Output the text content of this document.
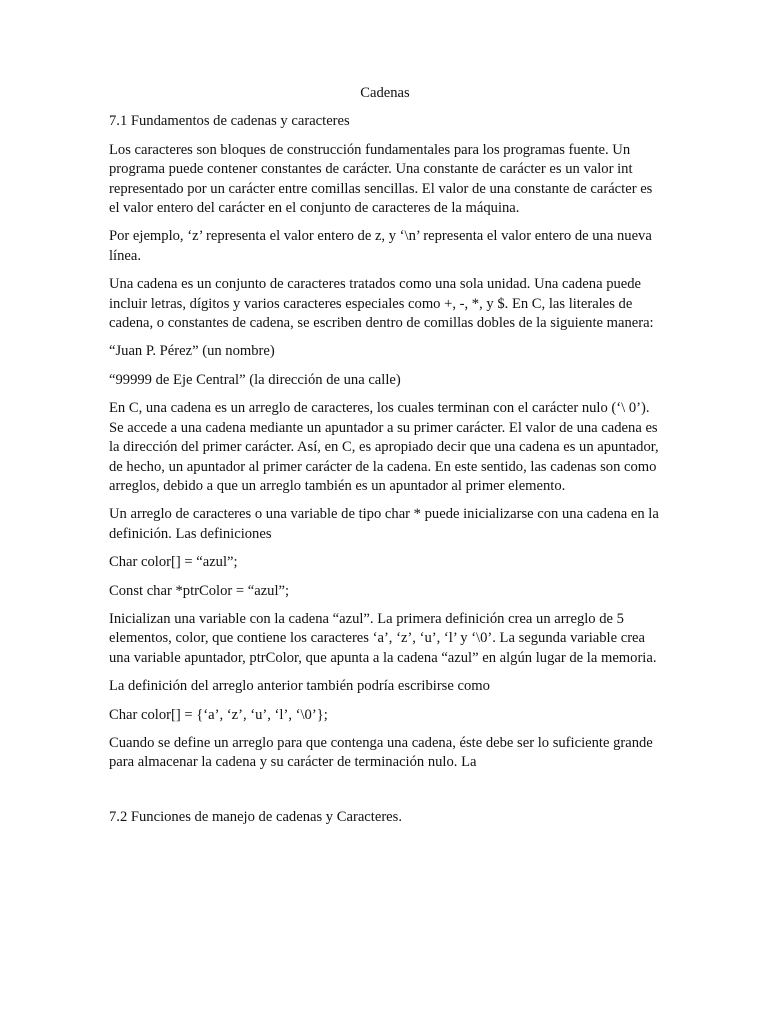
Cadenas
7.1 Fundamentos de cadenas y caracteres

Los caracteres son bloques de construcción fundamentales para los programas fuente. Un programa puede contener constantes de carácter. Una constante de carácter es un valor int representado por un carácter entre comillas sencillas. El valor de una constante de carácter es el valor entero del carácter en el conjunto de caracteres de la máquina.

Por ejemplo, ‘z’ representa el valor entero de z, y ‘\n’ representa el valor entero de una nueva línea.

Una cadena es un conjunto de caracteres tratados como una sola unidad. Una cadena puede incluir letras, dígitos y varios caracteres especiales como +, -, *, y $. En C, las literales de cadena, o constantes de cadena, se escriben dentro de comillas dobles de la siguiente manera:

“Juan P. Pérez” (un nombre)

“99999 de Eje Central” (la dirección de una calle)

En C, una cadena es un arreglo de caracteres, los cuales terminan con el carácter nulo (‘\ 0’). Se accede a una cadena mediante un apuntador a su primer carácter. El valor de una cadena es la dirección del primer carácter. Así, en C, es apropiado decir que una cadena es un apuntador, de hecho, un apuntador al primer carácter de la cadena. En este sentido, las cadenas son como arreglos, debido a que un arreglo también es un apuntador al primer elemento.

Un arreglo de caracteres o una variable de tipo char * puede inicializarse con una cadena en la definición. Las definiciones

Char color[] = “azul”;

Const char *ptrColor = “azul”;

Inicializan una variable con la cadena “azul”. La primera definición crea un arreglo de 5 elementos, color, que contiene los caracteres ‘a’, ‘z’, ‘u’, ‘l’ y ‘\0’. La segunda variable crea una variable apuntador, ptrColor, que apunta a la cadena “azul” en algún lugar de la memoria.

La definición del arreglo anterior también podría escribirse como

Char color[] = {‘a’, ‘z’, ‘u’, ‘l’, ‘\0’};

Cuando se define un arreglo para que contenga una cadena, éste debe ser lo suficiente grande para almacenar la cadena y su carácter de terminación nulo. La

7.2 Funciones de manejo de cadenas y Caracteres.
